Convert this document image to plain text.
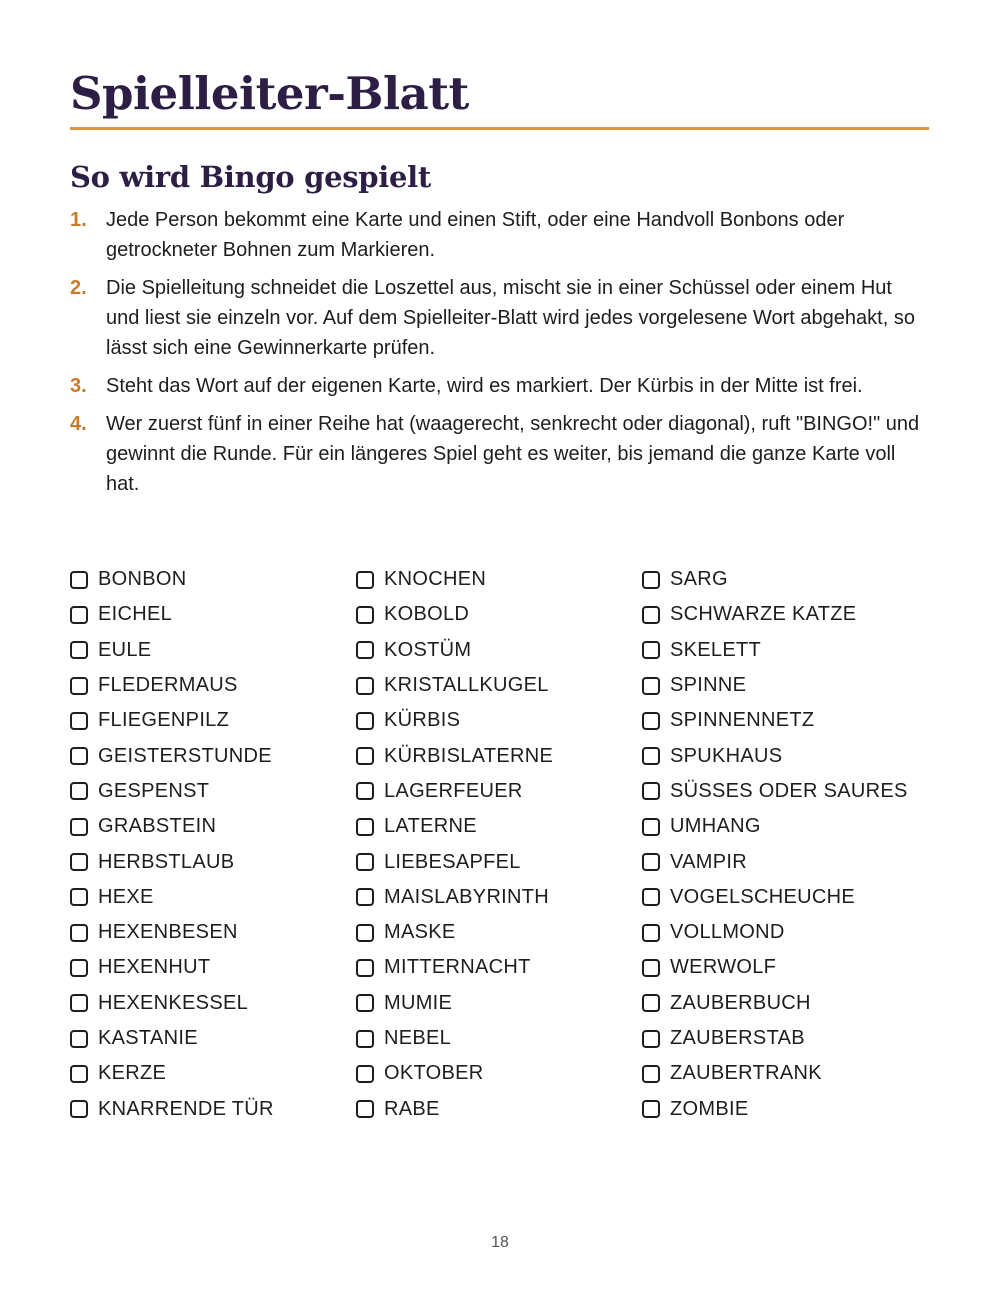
Spielleiter-Blatt
So wird Bingo gespielt
1. Jede Person bekommt eine Karte und einen Stift, oder eine Handvoll Bonbons oder getrockneter Bohnen zum Markieren.
2. Die Spielleitung schneidet die Loszettel aus, mischt sie in einer Schüssel oder einem Hut und liest sie einzeln vor. Auf dem Spielleiter-Blatt wird jedes vorgelesene Wort abgehakt, so lässt sich eine Gewinnerkarte prüfen.
3. Steht das Wort auf der eigenen Karte, wird es markiert. Der Kürbis in der Mitte ist frei.
4. Wer zuerst fünf in einer Reihe hat (waagerecht, senkrecht oder diagonal), ruft "BINGO!" und gewinnt die Runde. Für ein längeres Spiel geht es weiter, bis jemand die ganze Karte voll hat.
BONBON
EICHEL
EULE
FLEDERMAUS
FLIEGENPILZ
GEISTERSTUNDE
GESPENST
GRABSTEIN
HERBSTLAUB
HEXE
HEXENBESEN
HEXENHUT
HEXENKESSEL
KASTANIE
KERZE
KNARRENDE TÜR
KNOCHEN
KOBOLD
KOSTÜM
KRISTALLKUGEL
KÜRBIS
KÜRBISLATERNE
LAGERFEUER
LATERNE
LIEBESAPFEL
MAISLABYRINTH
MASKE
MITTERNACHT
MUMIE
NEBEL
OKTOBER
RABE
SARG
SCHWARZE KATZE
SKELETT
SPINNE
SPINNENNETZ
SPUKHAUS
SÜSSES ODER SAURES
UMHANG
VAMPIR
VOGELSCHEUCHE
VOLLMOND
WERWOLF
ZAUBERBUCH
ZAUBERSTAB
ZAUBERTRANK
ZOMBIE
18
